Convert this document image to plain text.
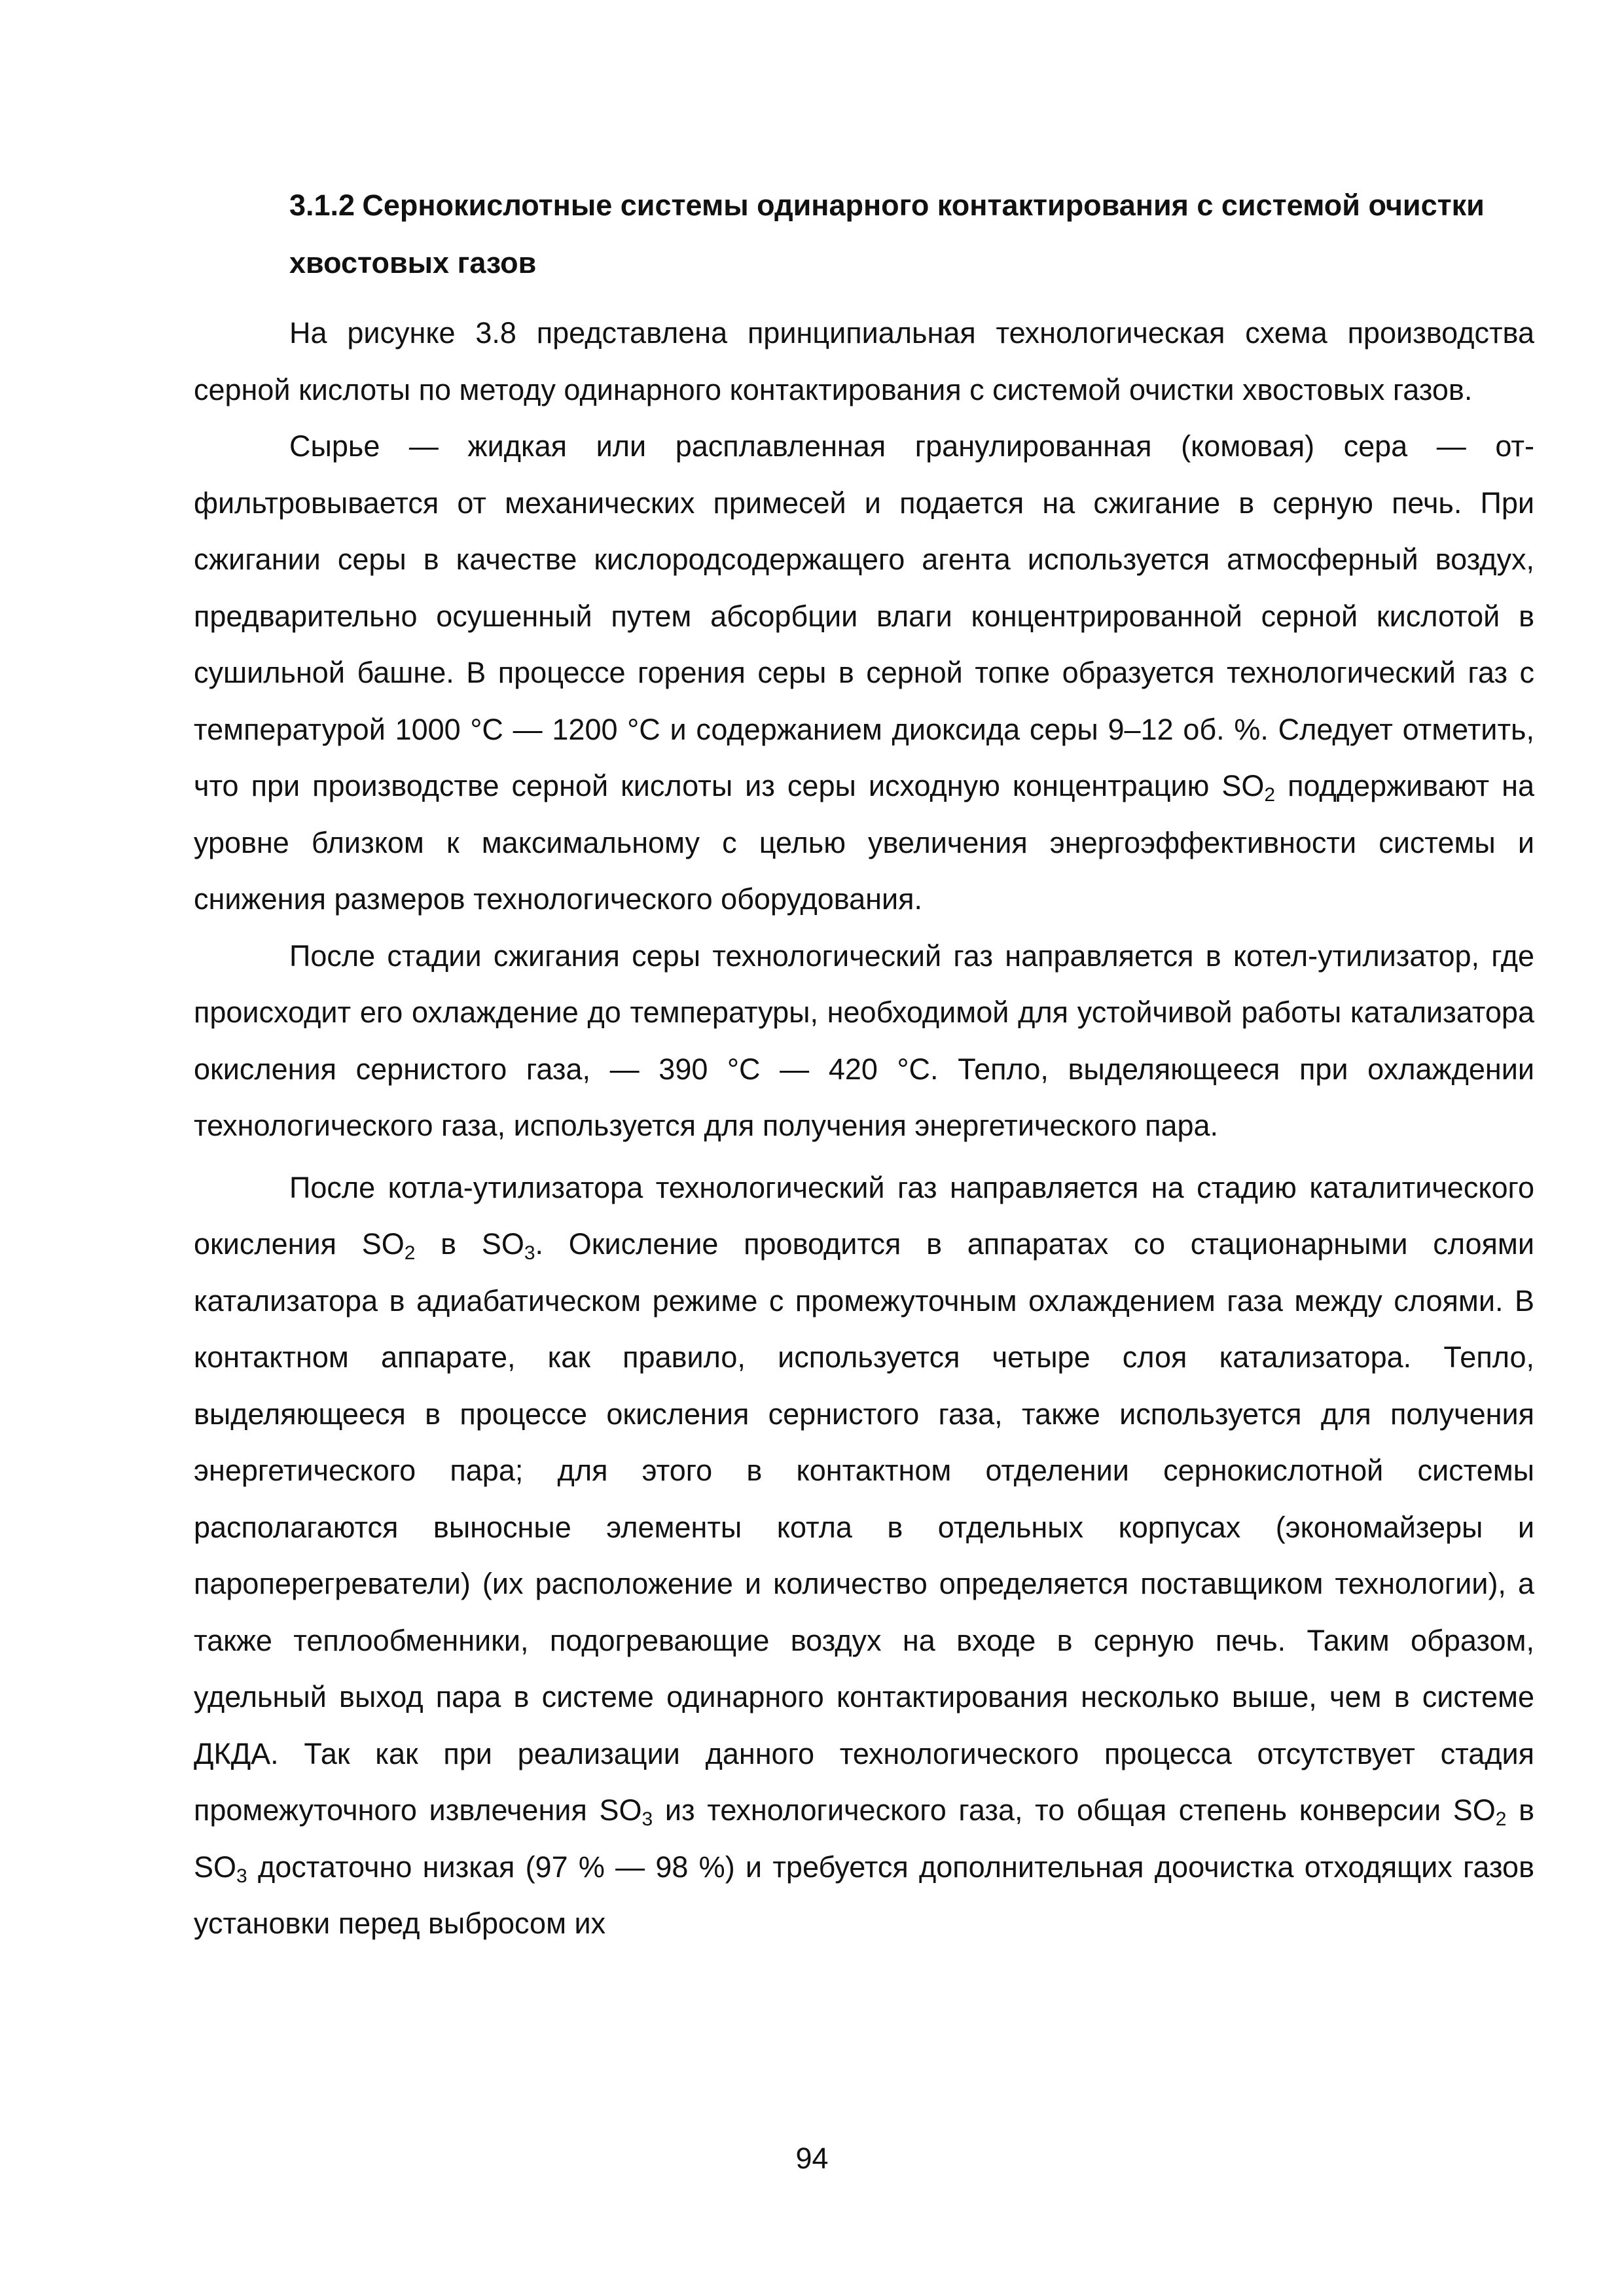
3.1.2 Сернокислотные системы одинарного контактирования с системой очистки хвостовых газов

На рисунке 3.8 представлена принципиальная технологическая схема производства серной кислоты по методу одинарного контактирования с системой очистки хвостовых газов.

Сырье — жидкая или расплавленная гранулированная (комовая) сера — отфильтровывается от механических примесей и подается на сжигание в серную печь. При сжигании серы в качестве кислородсодержащего агента используется атмосферный воздух, предварительно осушенный путем абсорбции влаги концентрированной серной кислотой в сушильной башне. В процессе горения серы в серной топке образуется технологический газ с температурой 1000 °С — 1200 °С и содержанием диоксида серы 9–12 об. %. Следует отметить, что при производстве серной кислоты из серы исходную концентрацию $SO_2$ поддерживают на уровне близком к максимальному с целью увеличения энергоэффективности системы и снижения размеров технологического оборудования.

После стадии сжигания серы технологический газ направляется в котел-утилизатор, где происходит его охлаждение до температуры, необходимой для устойчивой работы катализатора окисления сернистого газа, — 390 °С — 420 °С. Тепло, выделяющееся при охлаждении технологического газа, используется для получения энергетического пара.

После котла-утилизатора технологический газ направляется на стадию каталитического окисления $SO_2$ в $SO_3$. Окисление проводится в аппаратах со стационарными слоями катализатора в адиабатическом режиме с промежуточным охлаждением газа между слоями. В контактном аппарате, как правило, используется четыре слоя катализатора. Тепло, выделяющееся в процессе окисления сернистого газа, также используется для получения энергетического пара; для этого в контактном отделении сернокислотной системы располагаются выносные элементы котла в отдельных корпусах (экономайзеры и пароперегреватели) (их расположение и количество определяется поставщиком технологии), а также теплообменники, подогревающие воздух на входе в серную печь. Таким образом, удельный выход пара в системе одинарного контактирования несколько выше, чем в системе ДКДА. Так как при реализации данного технологического процесса отсутствует стадия промежуточного извлечения $SO_3$ из технологического газа, то общая степень конверсии $SO_2$ в $SO_3$ достаточно низкая (97 % — 98 %) и требуется дополнительная доочистка отходящих газов установки перед выбросом их

94
